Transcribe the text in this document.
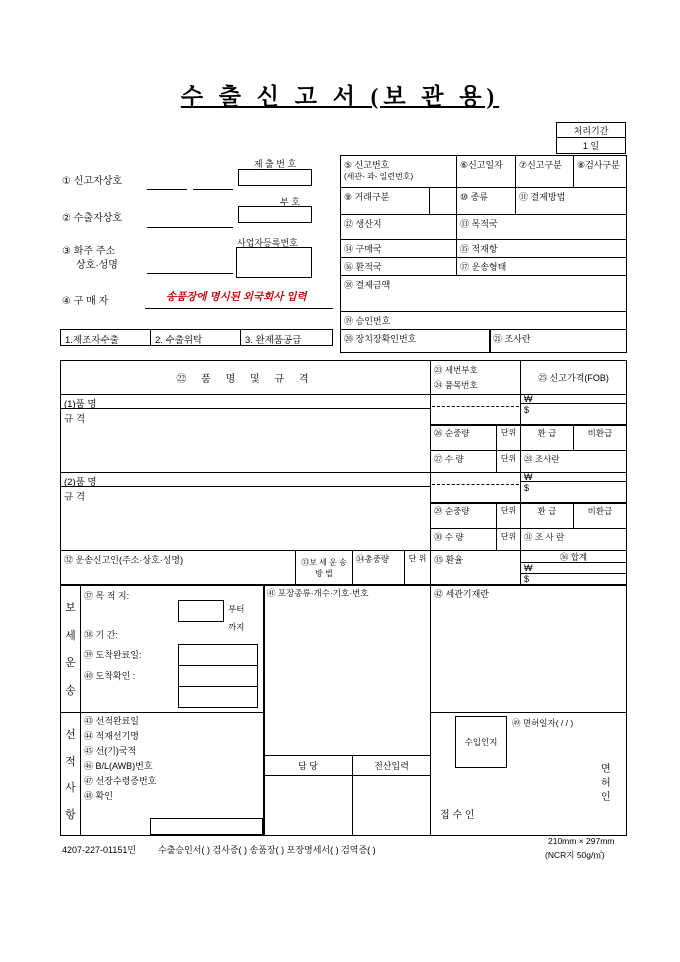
수 출 신 고 서 (보 관 용)
처리기간
1 일
제 출 번 호
① 신고자상호
부 호
② 수출자상호
사업자등록번호
③ 화주 주소
상호·성명
④ 구 매 자	송품장에 명시된 외국회사 입력
1.제조자수출	2. 수출위탁	3. 완제품공급
⑤ 신고번호
(세관- 과- 일련번호)
⑥신고일자	⑦신고구분	⑧검사구분
⑨ 거래구분	⑩ 종류	⑪ 결제방법
⑫ 생산지	⑬ 목적국
⑭ 구매국	⑮ 적재항
⑯ 환적국	⑰ 운송형태
⑱ 결제금액
⑲ 승인번호
⑳ 장치장확인번호	㉑ 조사란
㉒ 품 명 및 규 격
㉓ 세번부호
㉔ 품목번호
㉕ 신고가격(FOB)
(1)품 명
규 격
₩
$
㉖ 순중량	단위	환 급	비환급
㉗ 수 량	단위 ㉘ 조사란
(2)품 명
규 격
₩
$
㉙ 순중량	단위	환 급	비환급
㉚ 수 량	단위 ㉛ 조 사 란
㉜ 운송신고인(주소·상호·성명)	㉝보 세 운 송
방 법
㉞총중량	단 위 ㉟ 환율	㊱ 합계
₩
$
보
세
운
송
㊲ 목 적 지:
부터
까지
㊳ 기 간:
㊴ 도착완료일:
㊵ 도착확인 :
㊶ 포장종류·개수·기호·번호	㊷ 세관기재란
선
적
사
항
㊸ 선적완료일
㊹ 적재선기명
㊺ 선(기)국적
㊻ B/L(AWB)번호
㊼ 선장수령증번호
㊽ 확인
담 당	전산입력
수입인지
㊾ 면허일자( / / )
면
허
인
접 수 인
4207-227-01151민 수출승인서( ) 검사증( ) 송품장( ) 포장명세서( ) 검역증( )
210mm × 297mm
(NCR지 50g/㎡)
